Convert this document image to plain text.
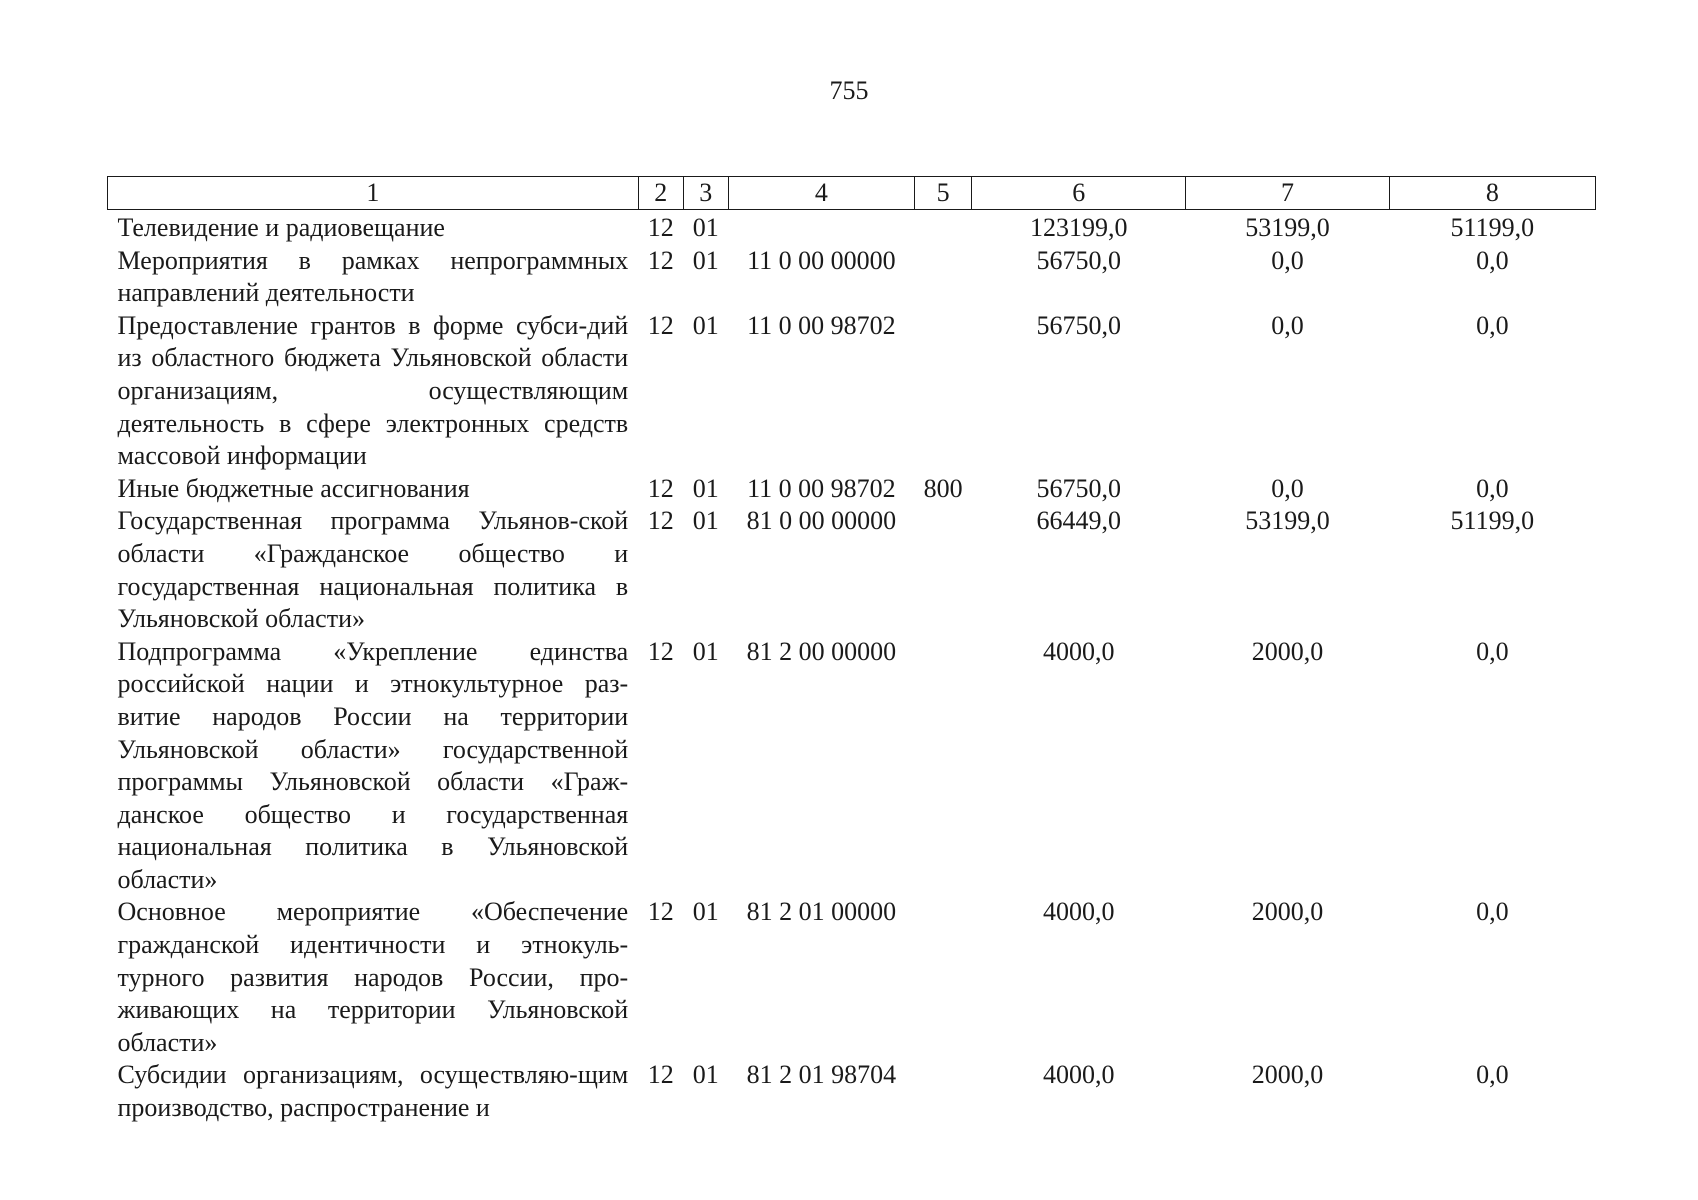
755
1	2	3	4	5	6	7	8
Телевидение и радиовещание	12	01			123199,0	53199,0	51199,0
Мероприятия в рамках непрограммных направлений деятельности	12	01	11 0 00 00000		56750,0	0,0	0,0
Предоставление грантов в форме субси-дий из областного бюджета Ульяновской области организациям, осуществляющим деятельность в сфере электронных средств массовой информации	12	01	11 0 00 98702		56750,0	0,0	0,0
Иные бюджетные ассигнования	12	01	11 0 00 98702	800	56750,0	0,0	0,0
Государственная программа Ульянов-ской области «Гражданское общество и государственная национальная политика в Ульяновской области»	12	01	81 0 00 00000		66449,0	53199,0	51199,0
Подпрограмма «Укрепление единства российской нации и этнокультурное раз-витие народов России на территории Ульяновской области» государственной программы Ульяновской области «Граж-данское общество и государственная национальная политика в Ульяновской области»	12	01	81 2 00 00000		4000,0	2000,0	0,0
Основное мероприятие «Обеспечение гражданской идентичности и этнокуль-турного развития народов России, про-живающих на территории Ульяновской области»	12	01	81 2 01 00000		4000,0	2000,0	0,0
Субсидии организациям, осуществляю-щим производство, распространение и	12	01	81 2 01 98704		4000,0	2000,0	0,0
